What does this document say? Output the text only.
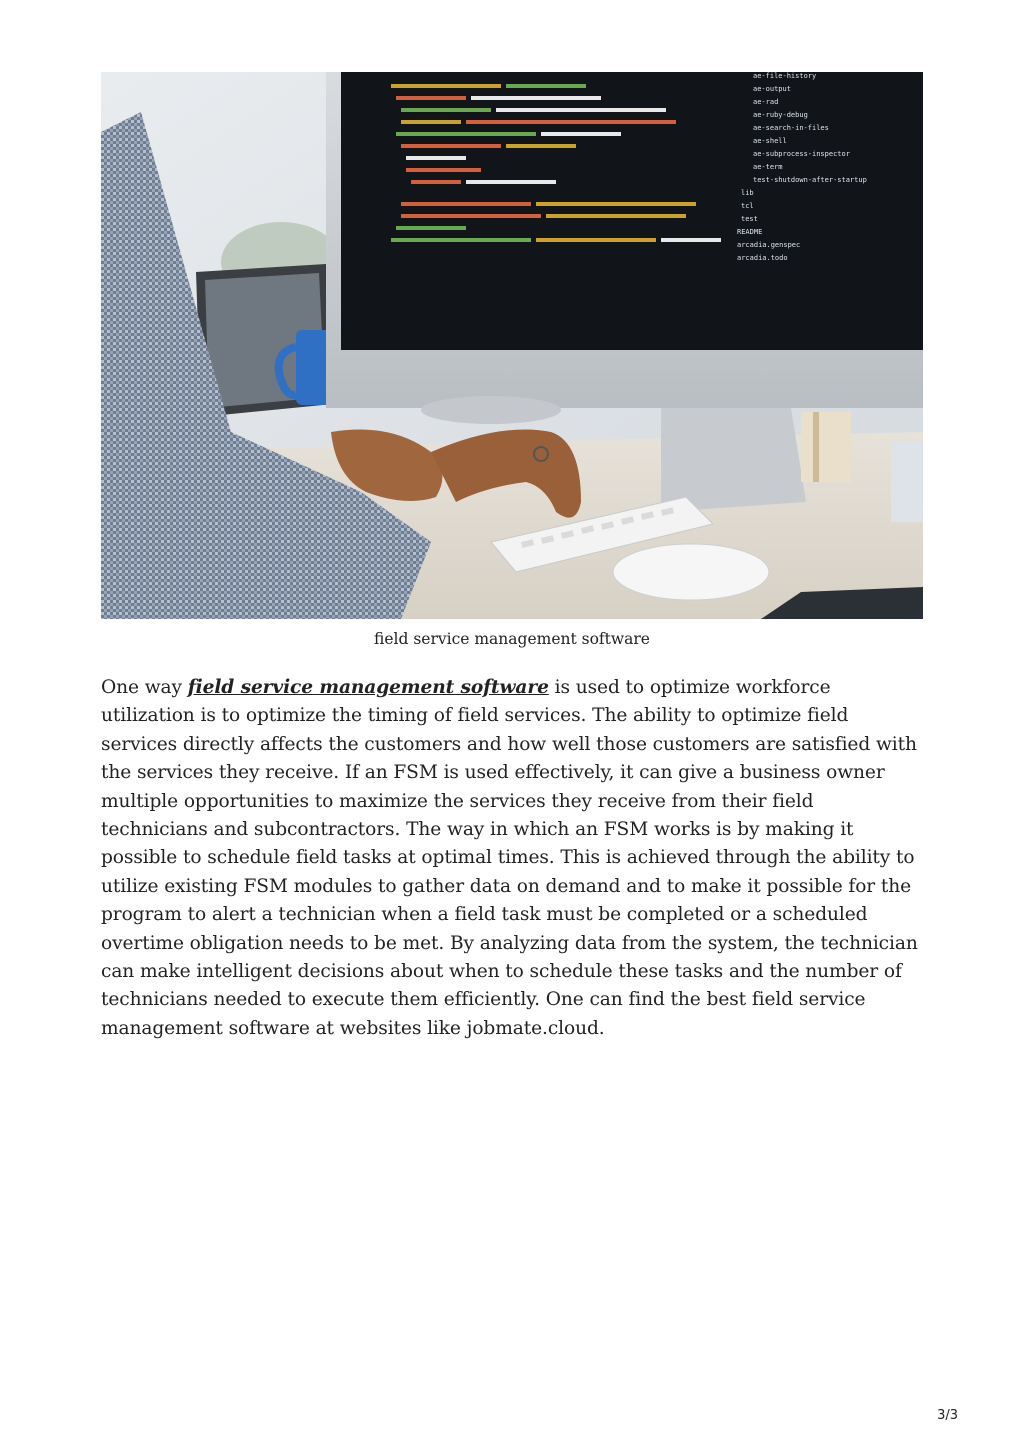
ae-file-history
ae-output
ae-rad
ae-ruby-debug
ae-search-in-files
ae-shell
ae-subprocess-inspector
ae-term
test-shutdown-after-startup
lib
tcl
test
README
arcadia.genspec
arcadia.todo
field service management software

One way field service management software is used to optimize workforce utilization is to optimize the timing of field services. The ability to optimize field services directly affects the customers and how well those customers are satisfied with the services they receive. If an FSM is used effectively, it can give a business owner multiple opportunities to maximize the services they receive from their field technicians and subcontractors. The way in which an FSM works is by making it possible to schedule field tasks at optimal times. This is achieved through the ability to utilize existing FSM modules to gather data on demand and to make it possible for the program to alert a technician when a field task must be completed or a scheduled overtime obligation needs to be met. By analyzing data from the system, the technician can make intelligent decisions about when to schedule these tasks and the number of technicians needed to execute them efficiently. One can find the best field service management software at websites like jobmate.cloud.

3/3
